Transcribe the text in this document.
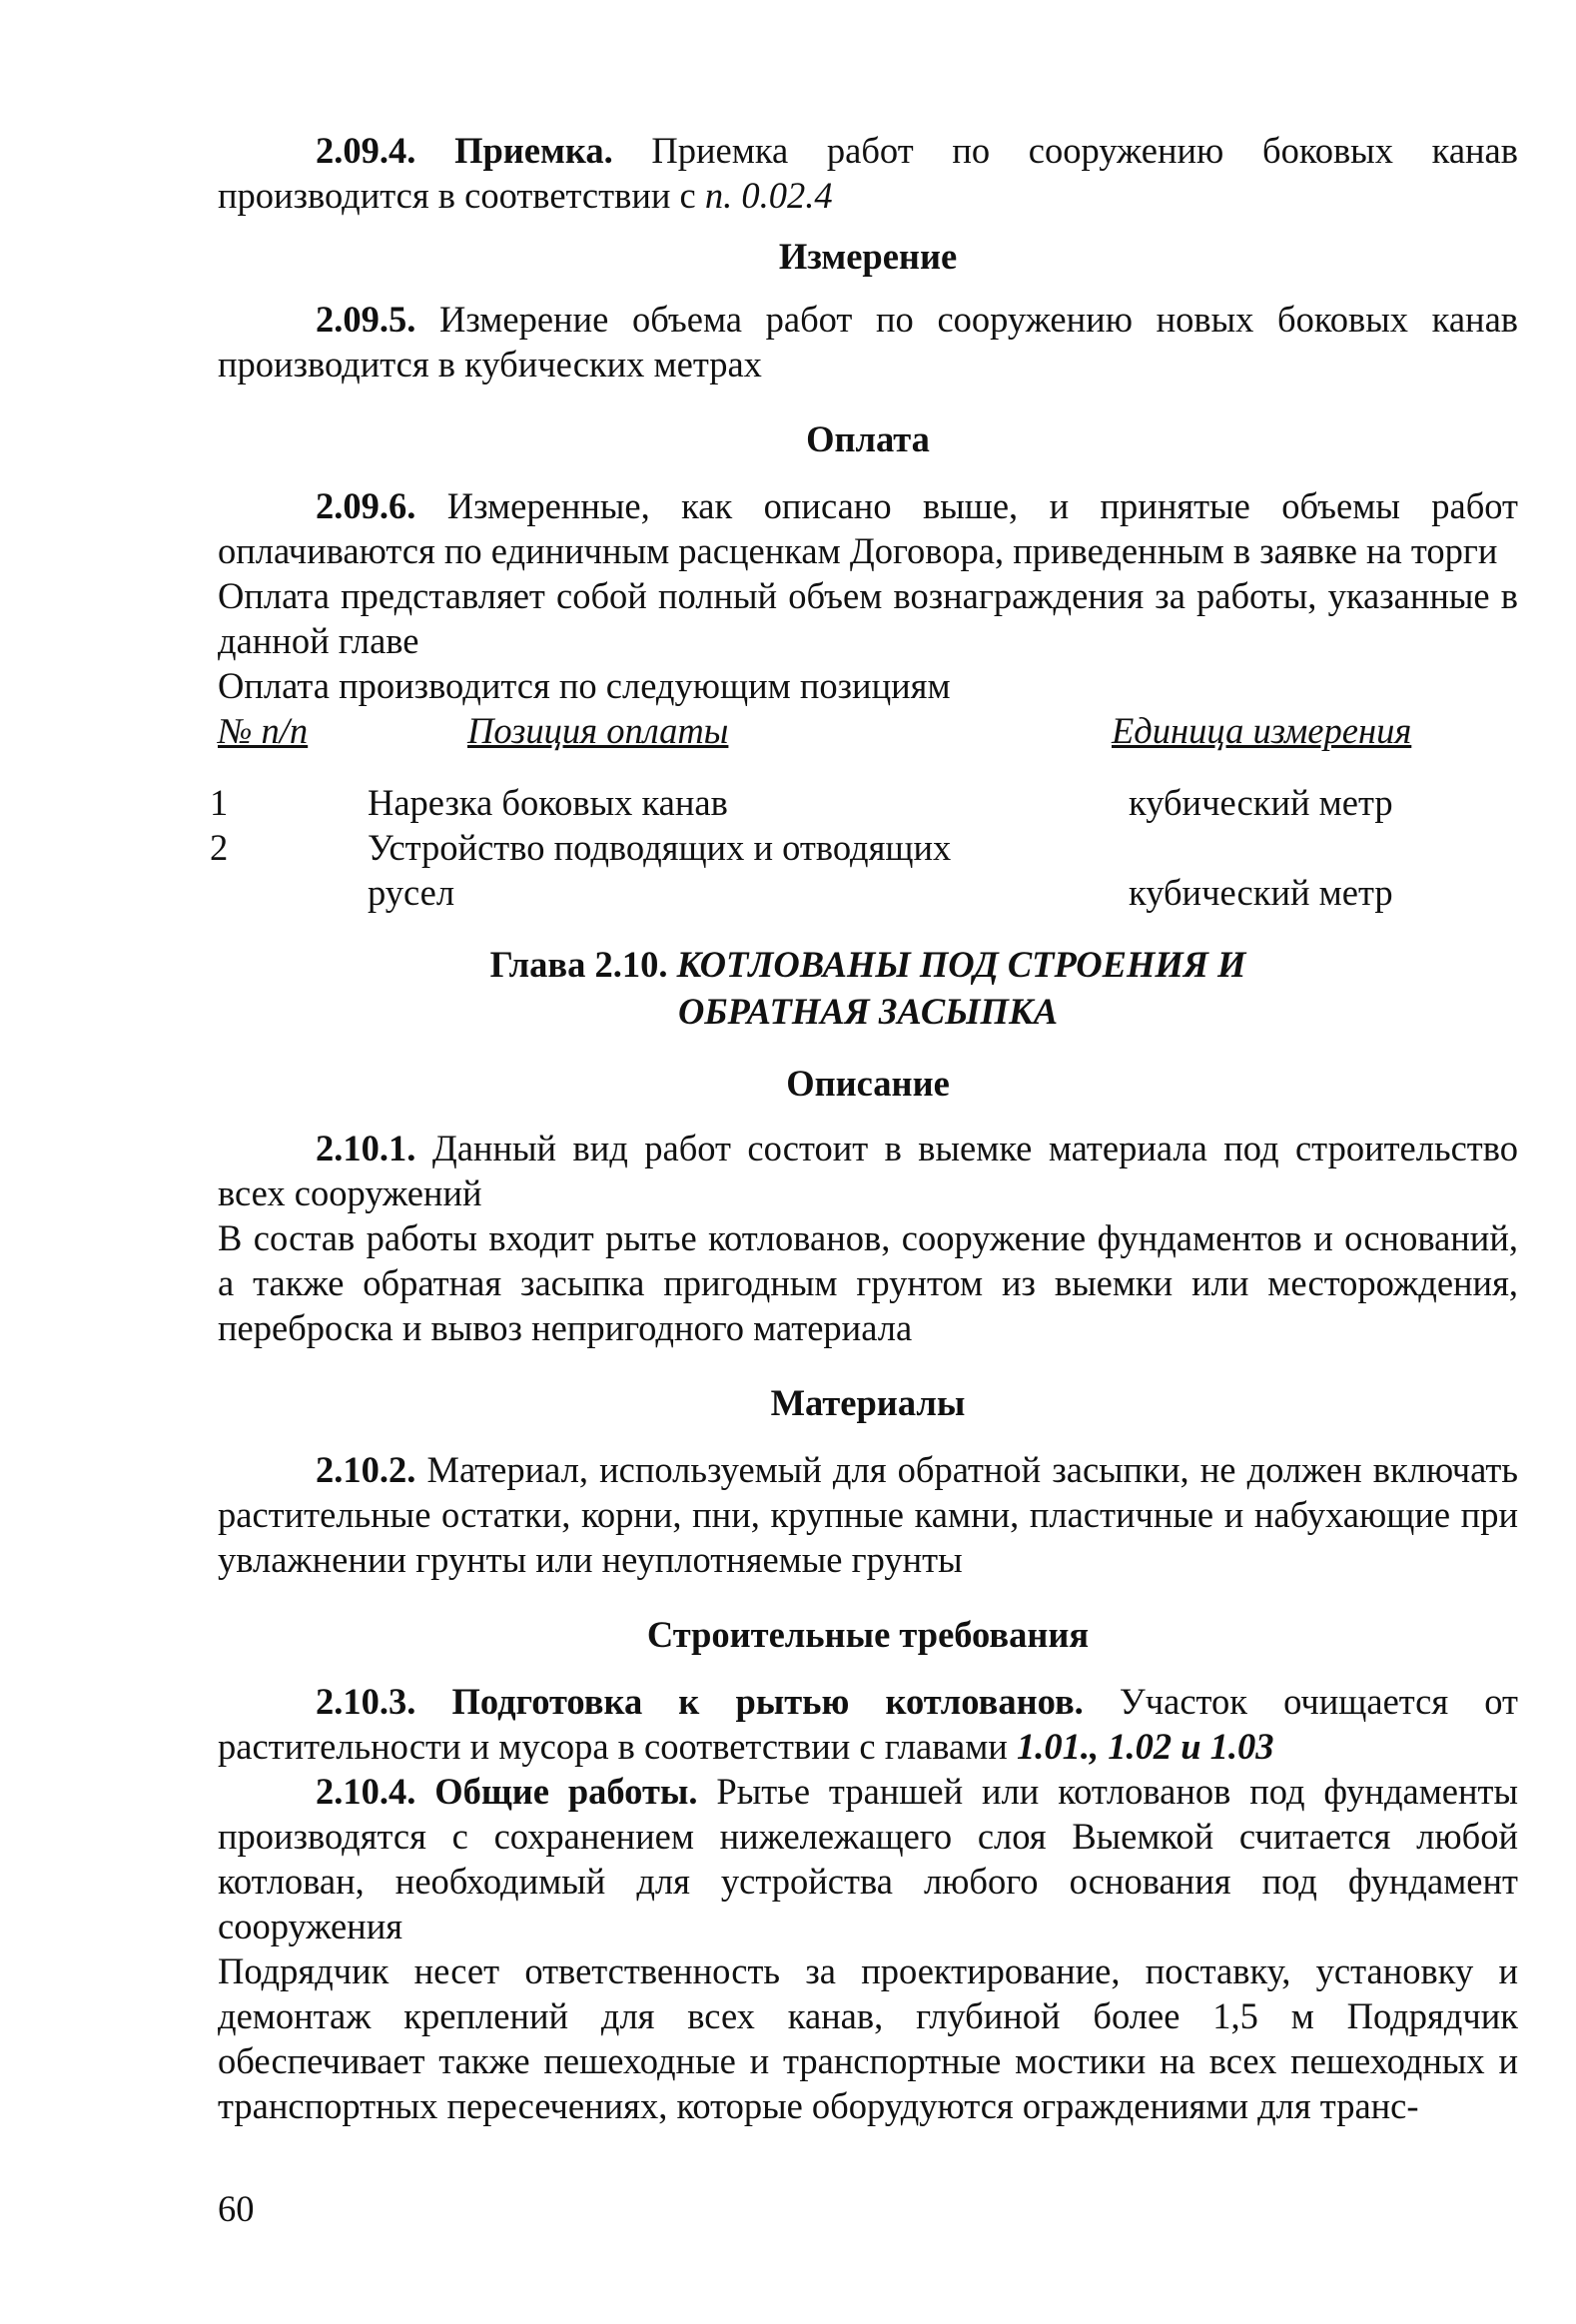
2.09.4. Приемка. Приемка работ по сооружению боковых канав производится в соответствии с п. 0.02.4

Измерение

2.09.5. Измерение объема работ по сооружению новых боковых канав производится в кубических метрах

Оплата

2.09.6. Измеренные, как описано выше, и принятые объемы работ оплачиваются по единичным расценкам Договора, приведенным в заявке на торги

Оплата представляет собой полный объем вознаграждения за работы, указанные в данной главе

Оплата производится по следующим позициям

№ п/п	Позиция оплаты	Единица измерения
1	Нарезка боковых канав	кубический метр
2	Устройство подводящих и отводящих
русел	кубический метр
Глава 2.10. КОТЛОВАНЫ ПОД СТРОЕНИЯ И
ОБРАТНАЯ ЗАСЫПКА

Описание

2.10.1. Данный вид работ состоит в выемке материала под строительство всех сооружений

В состав работы входит рытье котлованов, сооружение фундаментов и оснований, а также обратная засыпка пригодным грунтом из выемки или месторождения, переброска и вывоз непригодного материала

Материалы

2.10.2. Материал, используемый для обратной засыпки, не должен включать растительные остатки, корни, пни, крупные камни, пластичные и набухающие при увлажнении грунты или неуплотняемые грунты

Строительные требования

2.10.3. Подготовка к рытью котлованов. Участок очищается от растительности и мусора в соответствии с главами 1.01., 1.02 и 1.03

2.10.4. Общие работы. Рытье траншей или котлованов под фундаменты производятся с сохранением нижележащего слоя Выемкой считается любой котлован, необходимый для устройства любого основания под фундамент сооружения

Подрядчик несет ответственность за проектирование, поставку, установку и демонтаж креплений для всех канав, глубиной более 1,5 м Подрядчик обеспечивает также пешеходные и транспортные мостики на всех пешеходных и транспортных пересечениях, которые оборудуются ограждениями для транс-

60
